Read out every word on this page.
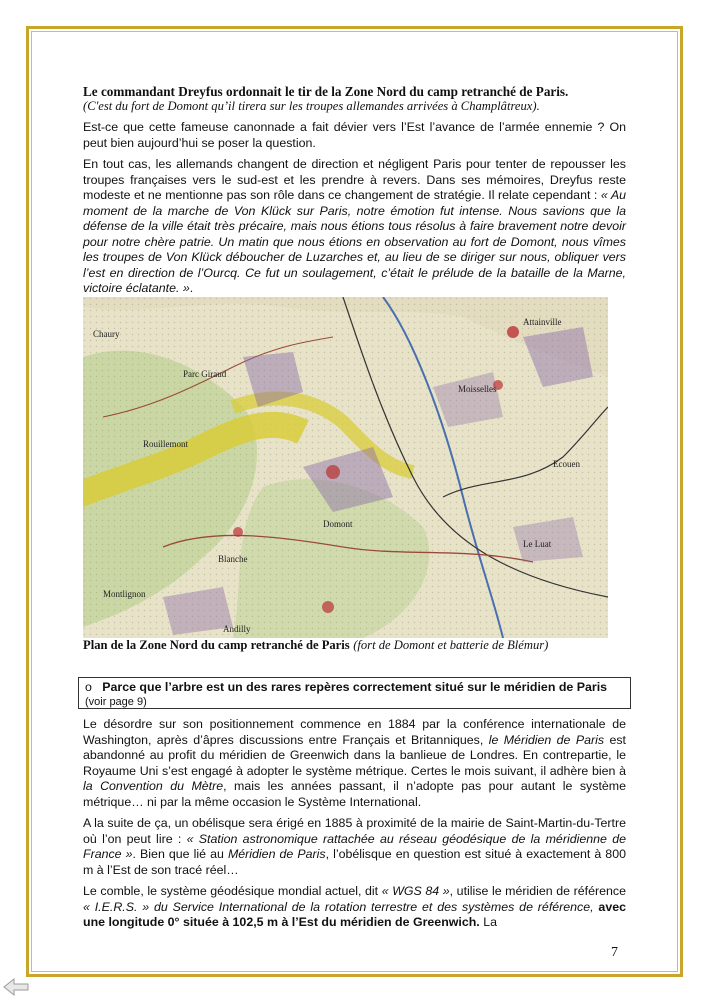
Le commandant Dreyfus ordonnait le tir de la Zone Nord du camp retranché de Paris.

(C'est du fort de Domont qu’il tirera sur les troupes allemandes arrivées à Champlâtreux).

Est-ce que cette fameuse canonnade a fait dévier vers l’Est l’avance de l’armée ennemie ? On peut bien aujourd’hui se poser la question.

En tout cas, les allemands changent de direction et négligent Paris pour tenter de repousser les troupes françaises vers le sud-est et les prendre à revers. Dans ses mémoires, Dreyfus reste modeste et ne mentionne pas son rôle dans ce changement de stratégie. Il relate cependant : « Au moment de la marche de Von Klück sur Paris, notre émotion fut intense. Nous savions que la défense de la ville était très précaire, mais nous étions tous résolus à faire bravement notre devoir pour notre chère patrie. Un matin que nous étions en observation au fort de Domont, nous vîmes les troupes de Von Klück déboucher de Luzarches et, au lieu de se diriger sur nous, obliquer vers l’est en direction de l’Ourcq. Ce fut un soulagement, c’était le prélude de la bataille de la Marne, victoire éclatante. ».

Attainville
Moisselles
Domont
Blanche
Montlignon
Andilly
Rouillemont
Ecouen
Le Luat
Chaury
Parc Giraud
Plan de la Zone Nord du camp retranché de Paris (fort de Domont et batterie de Blémur)
o Parce que l’arbre est un des rares repères correctement situé sur le méridien de Paris (voir page 9)

Le désordre sur son positionnement commence en 1884 par la conférence internationale de Washington, après d’âpres discussions entre Français et Britanniques, le Méridien de Paris est abandonné au profit du méridien de Greenwich dans la banlieue de Londres. En contrepartie, le Royaume Uni s’est engagé à adopter le système métrique. Certes le mois suivant, il adhère bien à la Convention du Mètre, mais les années passant, il n’adopte pas pour autant le système métrique… ni par la même occasion le Système International.

A la suite de ça, un obélisque sera érigé en 1885 à proximité de la mairie de Saint-Martin-du-Tertre où l’on peut lire : « Station astronomique rattachée au réseau géodésique de la méridienne de France ». Bien que lié au Méridien de Paris, l’obélisque en question est situé à exactement à 800 m à l’Est de son tracé réel…

Le comble, le système géodésique mondial actuel, dit « WGS 84 », utilise le méridien de référence « I.E.R.S. » du Service International de la rotation terrestre et des systèmes de référence, avec une longitude 0° située à 102,5 m à l’Est du méridien de Greenwich. La

7
